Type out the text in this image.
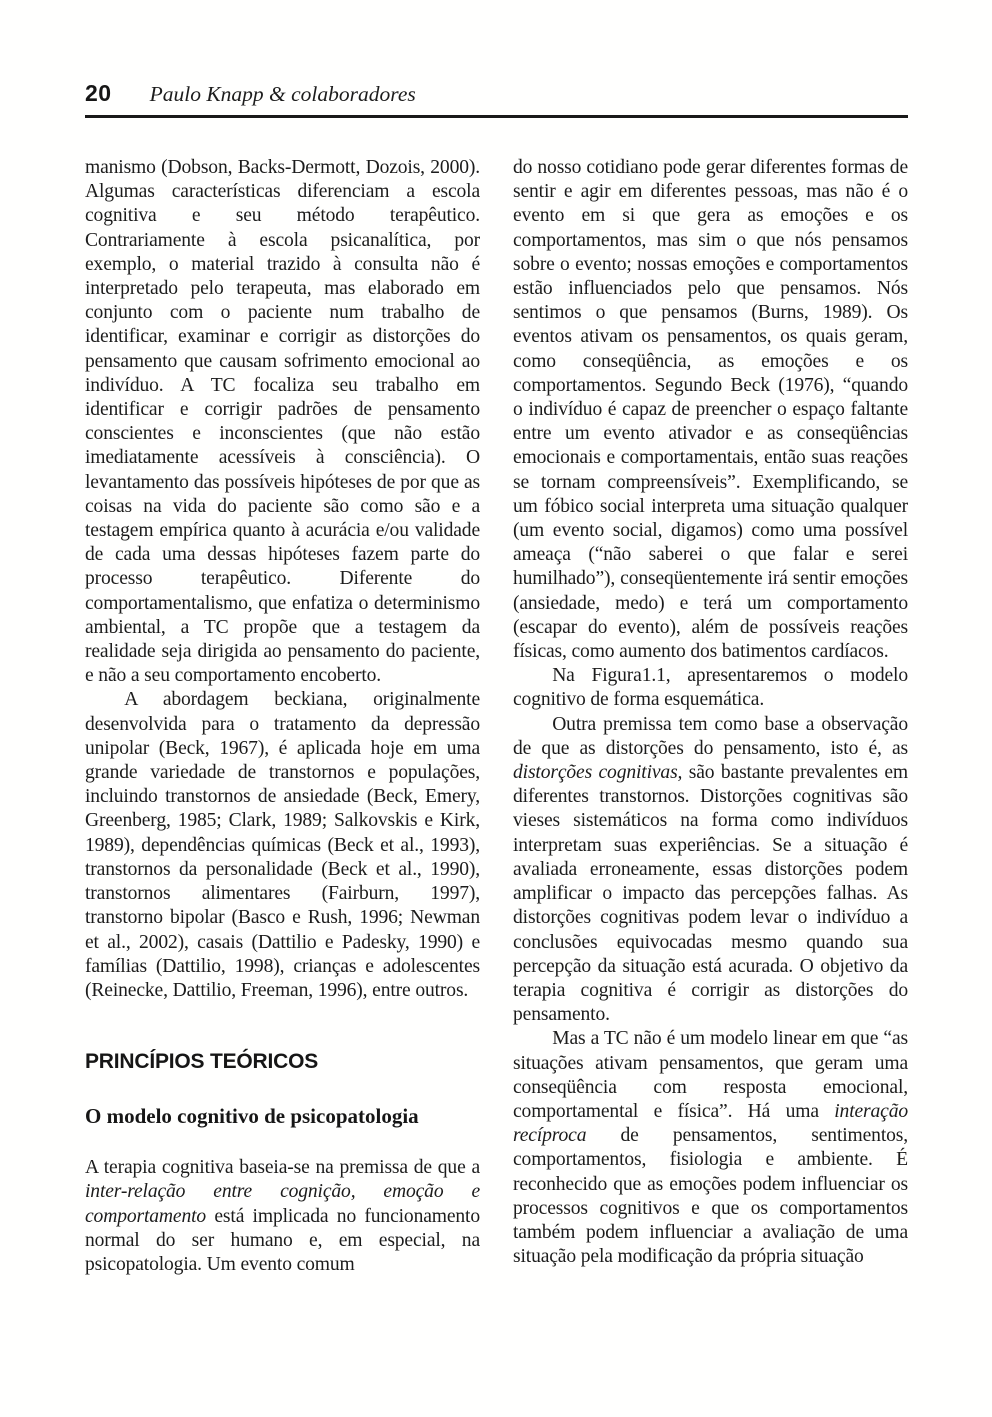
20 Paulo Knapp & colaboradores

manismo (Dobson, Backs-Dermott, Dozois, 2000). Algumas características diferenciam a escola cognitiva e seu método terapêutico. Contrariamente à escola psicanalítica, por exemplo, o material trazido à consulta não é interpretado pelo terapeuta, mas elaborado em conjunto com o paciente num trabalho de identificar, examinar e corrigir as distorções do pensamento que causam sofrimento emocional ao indivíduo. A TC focaliza seu trabalho em identificar e corrigir padrões de pensamento conscientes e inconscientes (que não estão imediatamente acessíveis à consciência). O levantamento das possíveis hipóteses de por que as coisas na vida do paciente são como são e a testagem empírica quanto à acurácia e/ou validade de cada uma dessas hipóteses fazem parte do processo terapêutico. Diferente do comportamentalismo, que enfatiza o determinismo ambiental, a TC propõe que a testagem da realidade seja dirigida ao pensamento do paciente, e não a seu comportamento encoberto.

A abordagem beckiana, originalmente desenvolvida para o tratamento da depressão unipolar (Beck, 1967), é aplicada hoje em uma grande variedade de transtornos e populações, incluindo transtornos de ansiedade (Beck, Emery, Greenberg, 1985; Clark, 1989; Salkovskis e Kirk, 1989), dependências químicas (Beck et al., 1993), transtornos da personalidade (Beck et al., 1990), transtornos alimentares (Fairburn, 1997), transtorno bipolar (Basco e Rush, 1996; Newman et al., 2002), casais (Dattilio e Padesky, 1990) e famílias (Dattilio, 1998), crianças e adolescentes (Reinecke, Dattilio, Freeman, 1996), entre outros.

PRINCÍPIOS TEÓRICOS
O modelo cognitivo de psicopatologia

A terapia cognitiva baseia-se na premissa de que a inter-relação entre cognição, emoção e comportamento está implicada no funcionamento normal do ser humano e, em especial, na psicopatologia. Um evento comum

do nosso cotidiano pode gerar diferentes formas de sentir e agir em diferentes pessoas, mas não é o evento em si que gera as emoções e os comportamentos, mas sim o que nós pensamos sobre o evento; nossas emoções e comportamentos estão influenciados pelo que pensamos. Nós sentimos o que pensamos (Burns, 1989). Os eventos ativam os pensamentos, os quais geram, como conseqüência, as emoções e os comportamentos. Segundo Beck (1976), “quando o indivíduo é capaz de preencher o espaço faltante entre um evento ativador e as conseqüências emocionais e comportamentais, então suas reações se tornam compreensíveis”. Exemplificando, se um fóbico social interpreta uma situação qualquer (um evento social, digamos) como uma possível ameaça (“não saberei o que falar e serei humilhado”), conseqüentemente irá sentir emoções (ansiedade, medo) e terá um comportamento (escapar do evento), além de possíveis reações físicas, como aumento dos batimentos cardíacos.

Na Figura1.1, apresentaremos o modelo cognitivo de forma esquemática.

Outra premissa tem como base a observação de que as distorções do pensamento, isto é, as distorções cognitivas, são bastante prevalentes em diferentes transtornos. Distorções cognitivas são vieses sistemáticos na forma como indivíduos interpretam suas experiências. Se a situação é avaliada erroneamente, essas distorções podem amplificar o impacto das percepções falhas. As distorções cognitivas podem levar o indivíduo a conclusões equivocadas mesmo quando sua percepção da situação está acurada. O objetivo da terapia cognitiva é corrigir as distorções do pensamento.

Mas a TC não é um modelo linear em que “as situações ativam pensamentos, que geram uma conseqüência com resposta emocional, comportamental e física”. Há uma interação recíproca de pensamentos, sentimentos, comportamentos, fisiologia e ambiente. É reconhecido que as emoções podem influenciar os processos cognitivos e que os comportamentos também podem influenciar a avaliação de uma situação pela modificação da própria situação
